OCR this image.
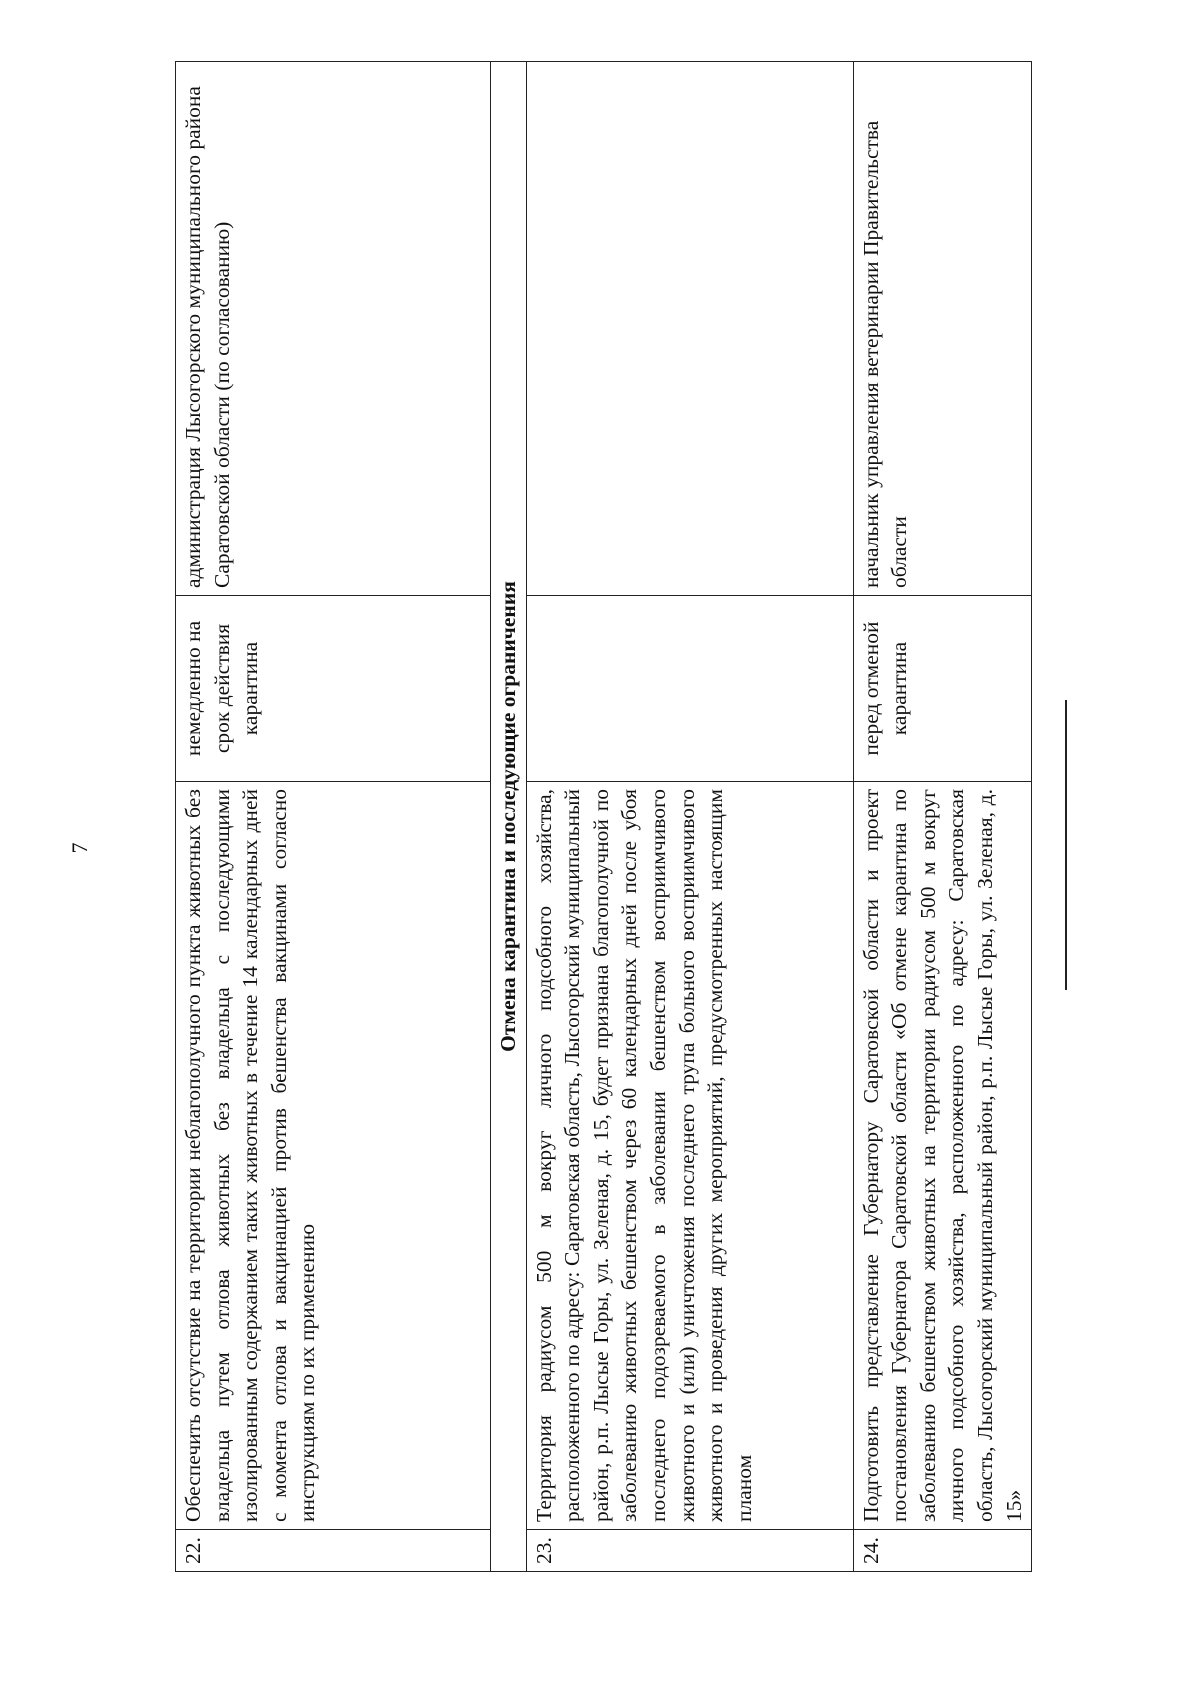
7
22.	Обеспечить отсутствие на территории неблагополучного пункта животных без владельца путем отлова животных без владельца с последующими изолированным содержанием таких животных в течение 14 календарных дней с момента отлова и вакцинацией против бешенства вакцинами согласно инструкциям по их применению	немедленно на срок действия карантина	администрация Лысогорского муниципального района Саратовской области (по согласованию)
Отмена карантина и последующие ограничения			
23.	Территория радиусом 500 м вокруг личного подсобного хозяйства, расположенного по адресу: Саратовская область, Лысогорский муниципальный район, р.п. Лысые Горы, ул. Зеленая, д. 15, будет признана благополучной по заболеванию животных бешенством через 60 календарных дней после убоя последнего подозреваемого в заболевании бешенством восприимчивого животного и (или) уничтожения последнего трупа больного восприимчивого животного и проведения других мероприятий, предусмотренных настоящим планом		
24.	Подготовить представление Губернатору Саратовской области и проект постановления Губернатора Саратовской области «Об отмене карантина по заболеванию бешенством животных на территории радиусом 500 м вокруг личного подсобного хозяйства, расположенного по адресу: Саратовская область, Лысогорский муниципальный район, р.п. Лысые Горы, ул. Зеленая, д. 15»	перед отменой карантина	начальник управления ветеринарии Правительства области
